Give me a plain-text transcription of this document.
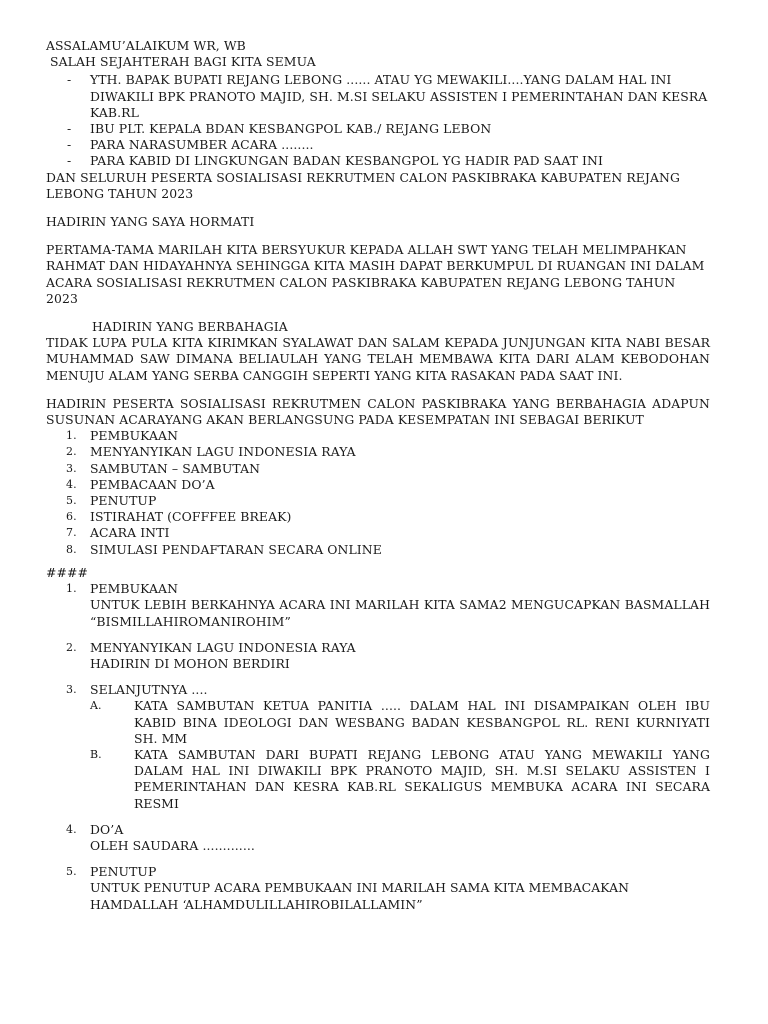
ASSALAMU’ALAIKUM WR, WB

SALAH SEJAHTERAH BAGI KITA SEMUA

- YTH. BAPAK BUPATI REJANG LEBONG ...... ATAU YG MEWAKILI....YANG DALAM HAL INI DIWAKILI BPK PRANOTO MAJID, SH. M.SI SELAKU ASSISTEN I PEMERINTAHAN DAN KESRA KAB.RL
- IBU PLT. KEPALA BDAN KESBANGPOL KAB./ REJANG LEBON
- PARA NARASUMBER ACARA ........
- PARA KABID DI LINGKUNGAN BADAN KESBANGPOL YG HADIR PAD SAAT INI

DAN SELURUH PESERTA SOSIALISASI REKRUTMEN CALON PASKIBRAKA KABUPATEN REJANG LEBONG TAHUN 2023

HADIRIN YANG SAYA HORMATI

PERTAMA-TAMA MARILAH KITA BERSYUKUR KEPADA ALLAH SWT YANG TELAH MELIMPAHKAN RAHMAT DAN HIDAYAHNYA SEHINGGA KITA MASIH DAPAT BERKUMPUL DI RUANGAN INI DALAM ACARA SOSIALISASI REKRUTMEN CALON PASKIBRAKA KABUPATEN REJANG LEBONG TAHUN 2023

HADIRIN YANG BERBAHAGIA

TIDAK LUPA PULA KITA KIRIMKAN SYALAWAT DAN SALAM KEPADA JUNJUNGAN KITA NABI BESAR MUHAMMAD SAW DIMANA BELIAULAH YANG TELAH MEMBAWA KITA DARI ALAM KEBODOHAN MENUJU ALAM YANG SERBA CANGGIH SEPERTI YANG KITA RASAKAN PADA SAAT INI.

HADIRIN PESERTA SOSIALISASI REKRUTMEN CALON PASKIBRAKA YANG BERBAHAGIA ADAPUN SUSUNAN ACARAYANG AKAN BERLANGSUNG PADA KESEMPATAN INI SEBAGAI BERIKUT

1. PEMBUKAAN
2. MENYANYIKAN LAGU INDONESIA RAYA
3. SAMBUTAN – SAMBUTAN
4. PEMBACAAN DO’A
5. PENUTUP
6. ISTIRAHAT (COFFFEE BREAK)
7. ACARA INTI
8. SIMULASI PENDAFTARAN SECARA ONLINE

####

1. PEMBUKAAN
UNTUK LEBIH BERKAHNYA ACARA INI MARILAH KITA SAMA2 MENGUCAPKAN BASMALLAH “BISMILLAHIROMANIROHIM”
2. MENYANYIKAN LAGU INDONESIA RAYA
HADIRIN DI MOHON BERDIRI
3. SELANJUTNYA ....
A.	KATA SAMBUTAN KETUA PANITIA ..... DALAM HAL INI DISAMPAIKAN OLEH IBU KABID BINA IDEOLOGI DAN WESBANG BADAN KESBANGPOL RL. RENI KURNIYATI SH. MM
B.	KATA SAMBUTAN DARI BUPATI REJANG LEBONG ATAU YANG MEWAKILI YANG DALAM HAL INI DIWAKILI BPK PRANOTO MAJID, SH. M.SI SELAKU ASSISTEN I PEMERINTAHAN DAN KESRA KAB.RL SEKALIGUS MEMBUKA ACARA INI SECARA RESMI
4. DO’A
OLEH SAUDARA .............
5. PENUTUP
UNTUK PENUTUP ACARA PEMBUKAAN INI MARILAH SAMA KITA MEMBACAKAN HAMDALLAH ‘ALHAMDULILLAHIROBILALLAMIN”
